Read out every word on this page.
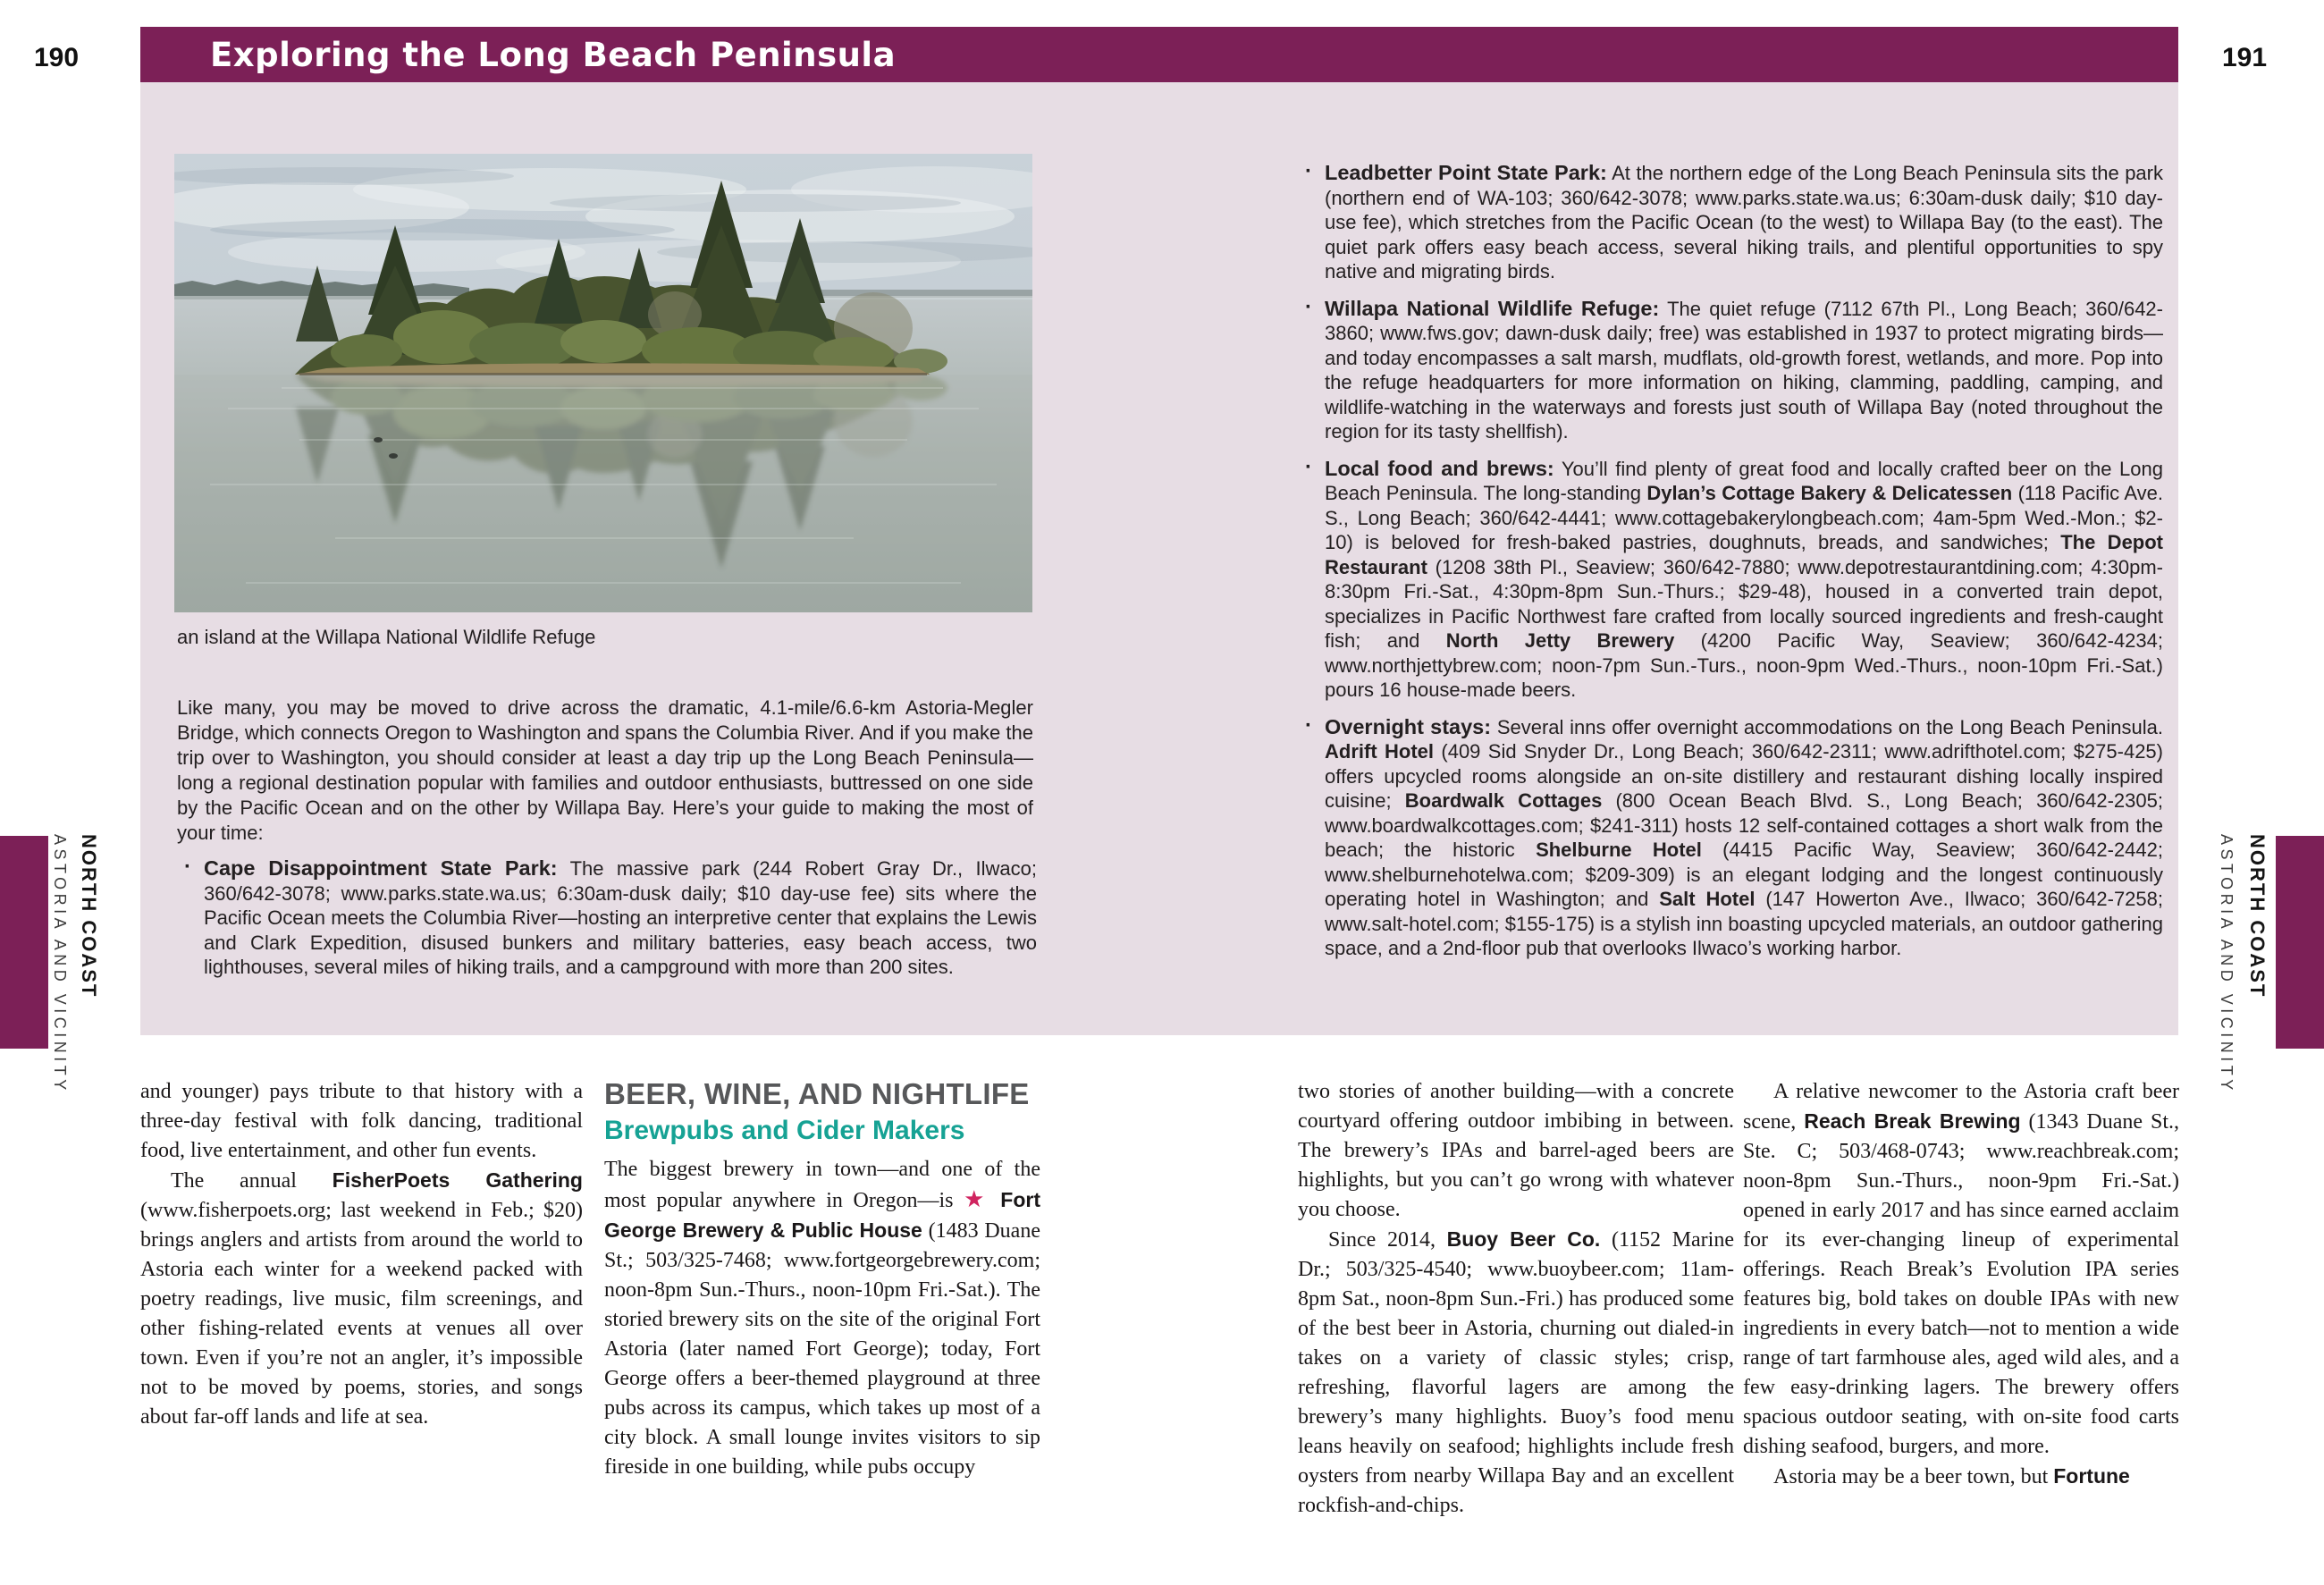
190	191
Exploring the Long Beach Peninsula
an island at the Willapa National Wildlife Refuge
Like many, you may be moved to drive across the dramatic, 4.1-mile/6.6-km Astoria-Megler Bridge, which connects Oregon to Washington and spans the Columbia River. And if you make the trip over to Washington, you should consider at least a day trip up the Long Beach Peninsula—long a regional destination popular with families and outdoor enthusiasts, buttressed on one side by the Pacific Ocean and on the other by Willapa Bay. Here’s your guide to making the most of your time:
· Cape Disappointment State Park: The massive park (244 Robert Gray Dr., Ilwaco; 360/642-3078; www.parks.state.wa.us; 6:30am-dusk daily; $10 day-use fee) sits where the Pacific Ocean meets the Columbia River—hosting an interpretive center that explains the Lewis and Clark Expedition, disused bunkers and military batteries, easy beach access, two lighthouses, several miles of hiking trails, and a campground with more than 200 sites.
· Leadbetter Point State Park: At the northern edge of the Long Beach Peninsula sits the park (northern end of WA-103; 360/642-3078; www.parks.state.wa.us; 6:30am-dusk daily; $10 day-use fee), which stretches from the Pacific Ocean (to the west) to Willapa Bay (to the east). The quiet park offers easy beach access, several hiking trails, and plentiful opportunities to spy native and migrating birds.
· Willapa National Wildlife Refuge: The quiet refuge (7112 67th Pl., Long Beach; 360/642-3860; www.fws.gov; dawn-dusk daily; free) was established in 1937 to protect migrating birds—and today encompasses a salt marsh, mudflats, old-growth forest, wetlands, and more. Pop into the refuge headquarters for more information on hiking, clamming, paddling, camping, and wildlife-watching in the waterways and forests just south of Willapa Bay (noted throughout the region for its tasty shellfish).
· Local food and brews: You’ll find plenty of great food and locally crafted beer on the Long Beach Peninsula. The long-standing Dylan’s Cottage Bakery & Delicatessen (118 Pacific Ave. S., Long Beach; 360/642-4441; www.cottagebakerylongbeach.com; 4am-5pm Wed.-Mon.; $2-10) is beloved for fresh-baked pastries, doughnuts, breads, and sandwiches; The Depot Restaurant (1208 38th Pl., Seaview; 360/642-7880; www.depotrestaurantdining.com; 4:30pm-8:30pm Fri.-Sat., 4:30pm-8pm Sun.-Thurs.; $29-48), housed in a converted train depot, specializes in Pacific Northwest fare crafted from locally sourced ingredients and fresh-caught fish; and North Jetty Brewery (4200 Pacific Way, Seaview; 360/642-4234; www.northjettybrew.com; noon-7pm Sun.-Turs., noon-9pm Wed.-Thurs., noon-10pm Fri.-Sat.) pours 16 house-made beers.
· Overnight stays: Several inns offer overnight accommodations on the Long Beach Peninsula. Adrift Hotel (409 Sid Snyder Dr., Long Beach; 360/642-2311; www.adrifthotel.com; $275-425) offers upcycled rooms alongside an on-site distillery and restaurant dishing locally inspired cuisine; Boardwalk Cottages (800 Ocean Beach Blvd. S., Long Beach; 360/642-2305; www.boardwalkcottages.com; $241-311) hosts 12 self-contained cottages a short walk from the beach; the historic Shelburne Hotel (4415 Pacific Way, Seaview; 360/642-2442; www.shelburnehotelwa.com; $209-309) is an elegant lodging and the longest continuously operating hotel in Washington; and Salt Hotel (147 Howerton Ave., Ilwaco; 360/642-7258; www.salt-hotel.com; $155-175) is a stylish inn boasting upcycled materials, an outdoor gathering space, and a 2nd-floor pub that overlooks Ilwaco’s working harbor.
and younger) pays tribute to that history with a three-day festival with folk dancing, traditional food, live entertainment, and other fun events.
The annual FisherPoets Gathering (www.fisherpoets.org; last weekend in Feb.; $20) brings anglers and artists from around the world to Astoria each winter for a weekend packed with poetry readings, live music, film screenings, and other fishing-related events at venues all over town. Even if you’re not an angler, it’s impossible not to be moved by poems, stories, and songs about far-off lands and life at sea.
BEER, WINE, AND NIGHTLIFE
Brewpubs and Cider Makers
The biggest brewery in town—and one of the most popular anywhere in Oregon—is ★ Fort George Brewery & Public House (1483 Duane St.; 503/325-7468; www.fortgeorgebrewery.com; noon-8pm Sun.-Thurs., noon-10pm Fri.-Sat.). The storied brewery sits on the site of the original Fort Astoria (later named Fort George); today, Fort George offers a beer-themed playground at three pubs across its campus, which takes up most of a city block. A small lounge invites visitors to sip fireside in one building, while pubs occupy
two stories of another building—with a concrete courtyard offering outdoor imbibing in between. The brewery’s IPAs and barrel-aged beers are highlights, but you can’t go wrong with whatever you choose.
Since 2014, Buoy Beer Co. (1152 Marine Dr.; 503/325-4540; www.buoybeer.com; 11am-8pm Sat., noon-8pm Sun.-Fri.) has produced some of the best beer in Astoria, churning out dialed-in takes on a variety of classic styles; crisp, refreshing, flavorful lagers are among the brewery’s many highlights. Buoy’s food menu leans heavily on seafood; highlights include fresh oysters from nearby Willapa Bay and an excellent rockfish-and-chips.
A relative newcomer to the Astoria craft beer scene, Reach Break Brewing (1343 Duane St., Ste. C; 503/468-0743; www.reachbreak.com; noon-8pm Sun.-Thurs., noon-9pm Fri.-Sat.) opened in early 2017 and has since earned acclaim for its ever-changing lineup of experimental offerings. Reach Break’s Evolution IPA series features big, bold takes on double IPAs with new ingredients in every batch—not to mention a wide range of tart farmhouse ales, aged wild ales, and a few easy-drinking lagers. The brewery offers spacious outdoor seating, with on-site food carts dishing seafood, burgers, and more.
Astoria may be a beer town, but Fortune
NORTH COAST
ASTORIA AND VICINITY	NORTH COAST
ASTORIA AND VICINITY
